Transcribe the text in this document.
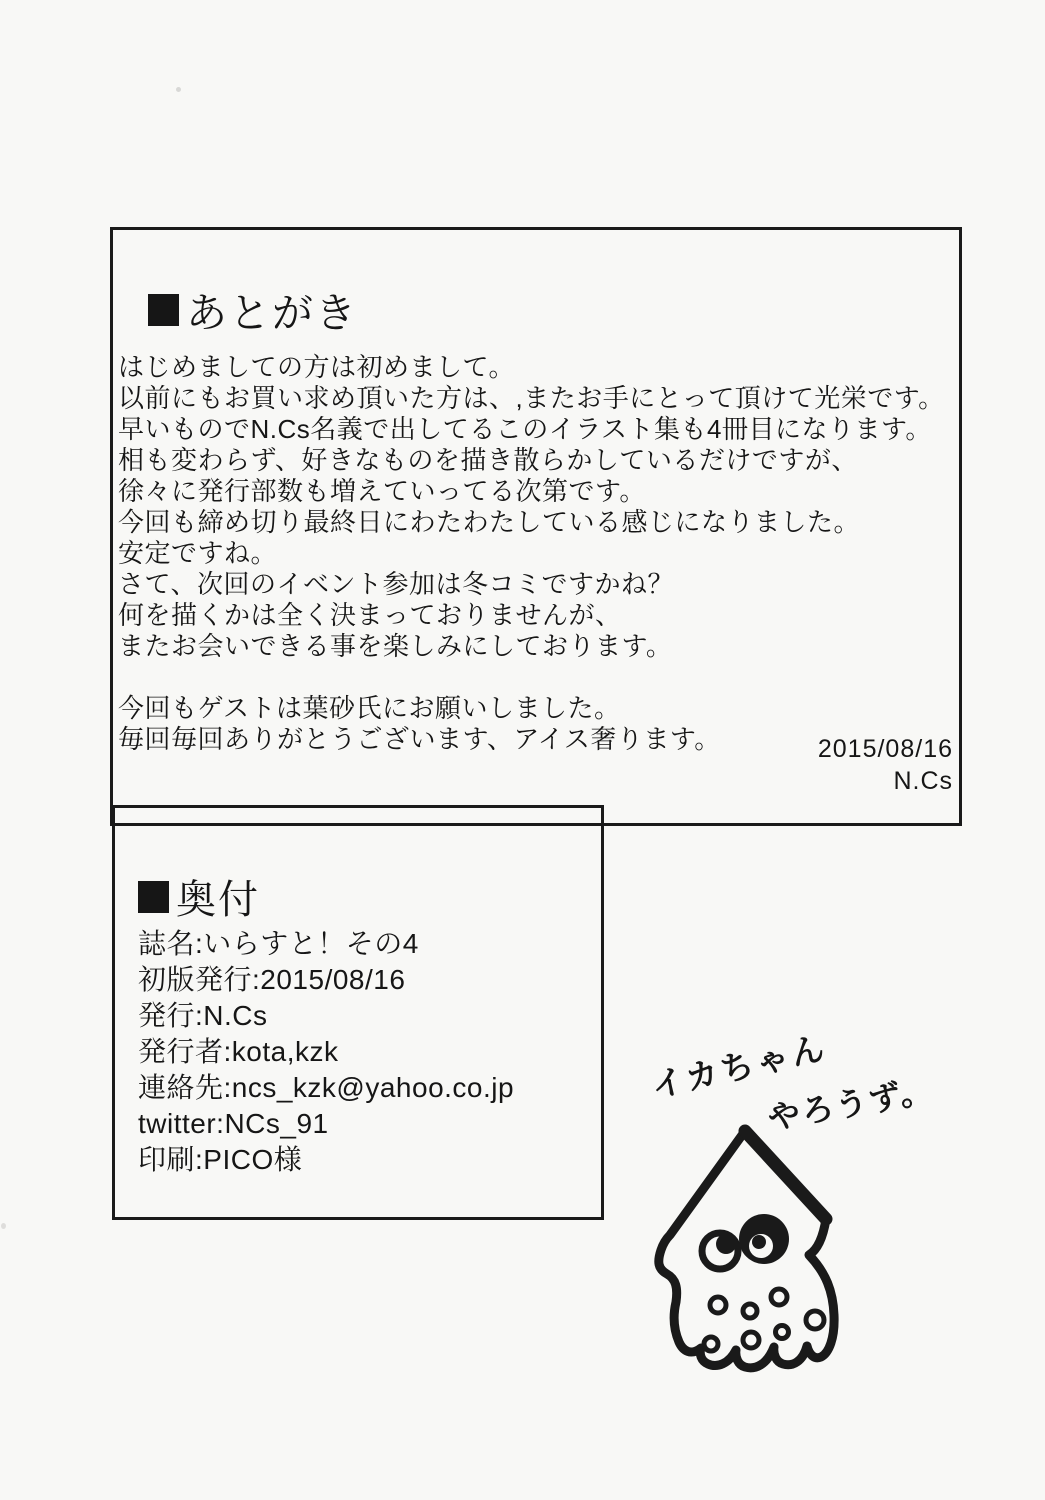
あとがき
はじめましての方は初めまして。
以前にもお買い求め頂いた方は、,またお手にとって頂けて光栄です。
早いものでN.Cs名義で出してるこのイラスト集も4冊目になります。
相も変わらず、好きなものを描き散らかしているだけですが、
徐々に発行部数も増えていってる次第です。
今回も締め切り最終日にわたわたしている感じになりました。
安定ですね。
さて、次回のイベント参加は冬コミですかね？
何を描くかは全く決まっておりませんが、
またお会いできる事を楽しみにしております。
今回もゲストは葉砂氏にお願いしました。
毎回毎回ありがとうございます、アイス奢ります。	2015/08/16
N.Cs
奥付
誌名:いらすと！その4
初版発行:2015/08/16
発行:N.Cs
発行者:kota,kzk
連絡先:ncs_kzk@yahoo.co.jp
twitter:NCs_91
印刷:PICO様
イカちゃん
やろうず。
